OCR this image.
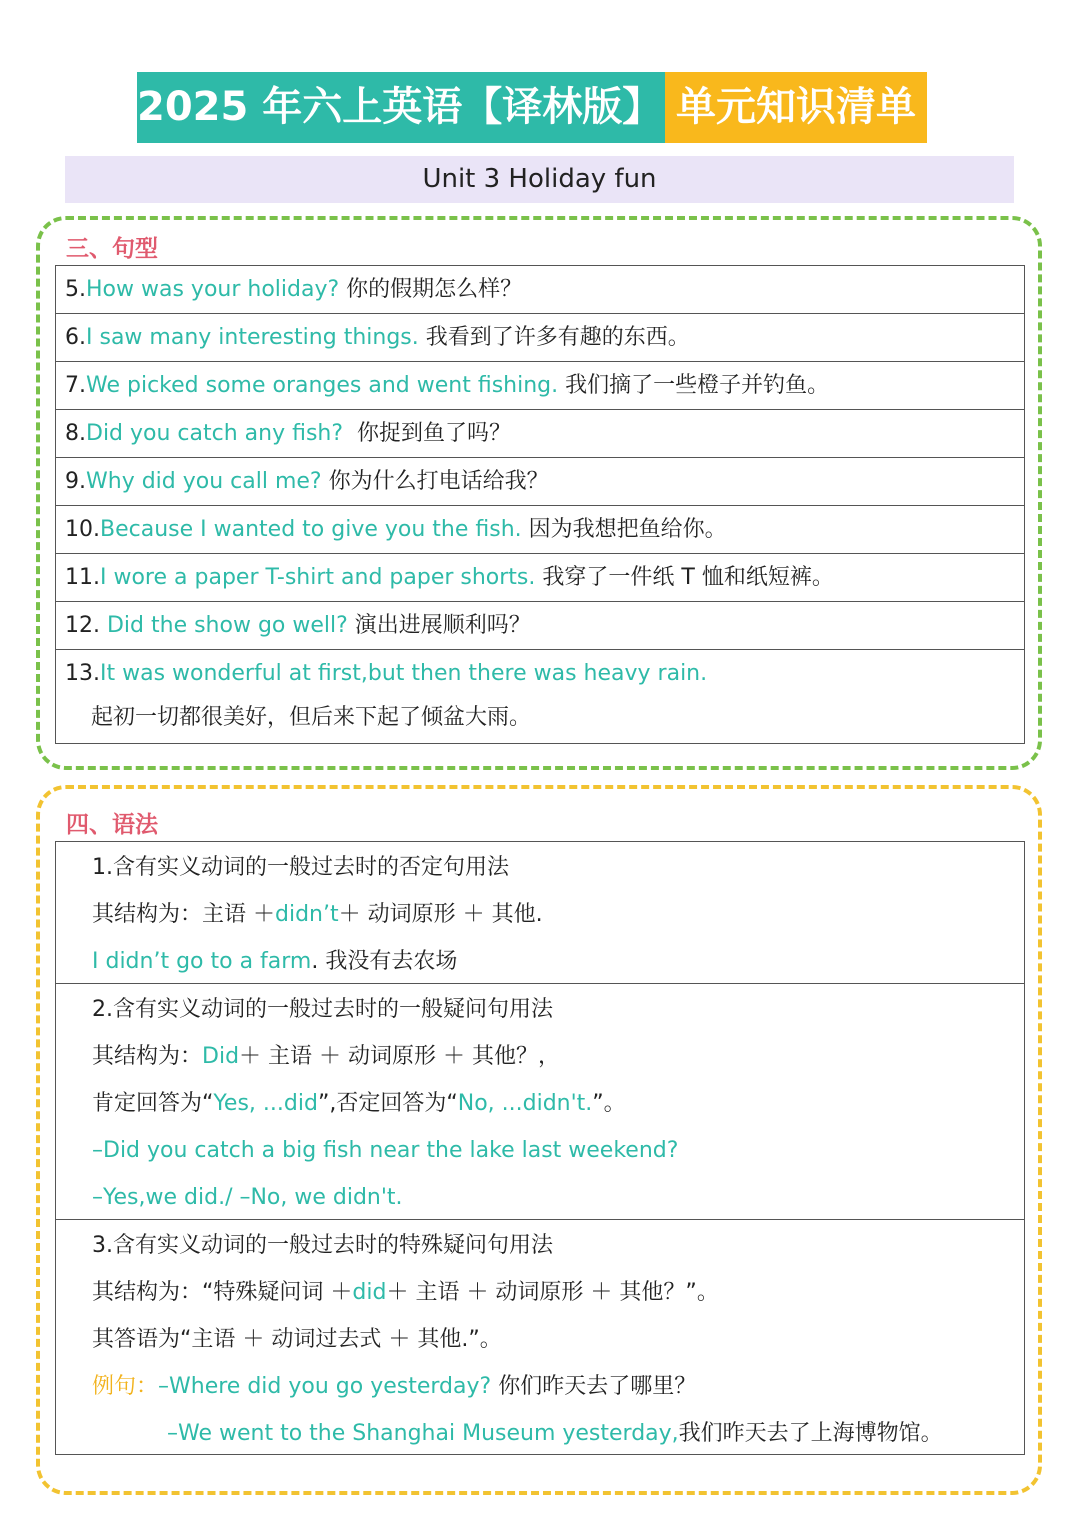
2025 年六上英语【译林版】 单元知识清单
Unit 3 Holiday fun
三、句型
5.How was your holiday? 你的假期怎么样？
6.I saw many interesting things. 我看到了许多有趣的东西。
7.We picked some oranges and went fishing. 我们摘了一些橙子并钓鱼。
8.Did you catch any fish? 你捉到鱼了吗？
9.Why did you call me? 你为什么打电话给我？
10.Because I wanted to give you the fish. 因为我想把鱼给你。
11.I wore a paper T-shirt and paper shorts. 我穿了一件纸 T 恤和纸短裤。
12. Did the show go well? 演出进展顺利吗？
13.It was wonderful at first,but then there was heavy rain.
起初一切都很美好，但后来下起了倾盆大雨。
四、语法
1.含有实义动词的一般过去时的否定句用法
其结构为：主语 ＋didn’t＋ 动词原形 ＋ 其他.
I didn’t go to a farm. 我没有去农场
2.含有实义动词的一般过去时的一般疑问句用法
其结构为：Did＋ 主语 ＋ 动词原形 ＋ 其他？，
肯定回答为“Yes, ...did”,否定回答为“No, ...didn't.”。
–Did you catch a big fish near the lake last weekend?
–Yes,we did./ –No, we didn't.
3.含有实义动词的一般过去时的特殊疑问句用法
其结构为：“特殊疑问词 ＋did＋ 主语 ＋ 动词原形 ＋ 其他？”。
其答语为“主语 ＋ 动词过去式 ＋ 其他.”。
例句：–Where did you go yesterday? 你们昨天去了哪里？
–We went to the Shanghai Museum yesterday,我们昨天去了上海博物馆。
